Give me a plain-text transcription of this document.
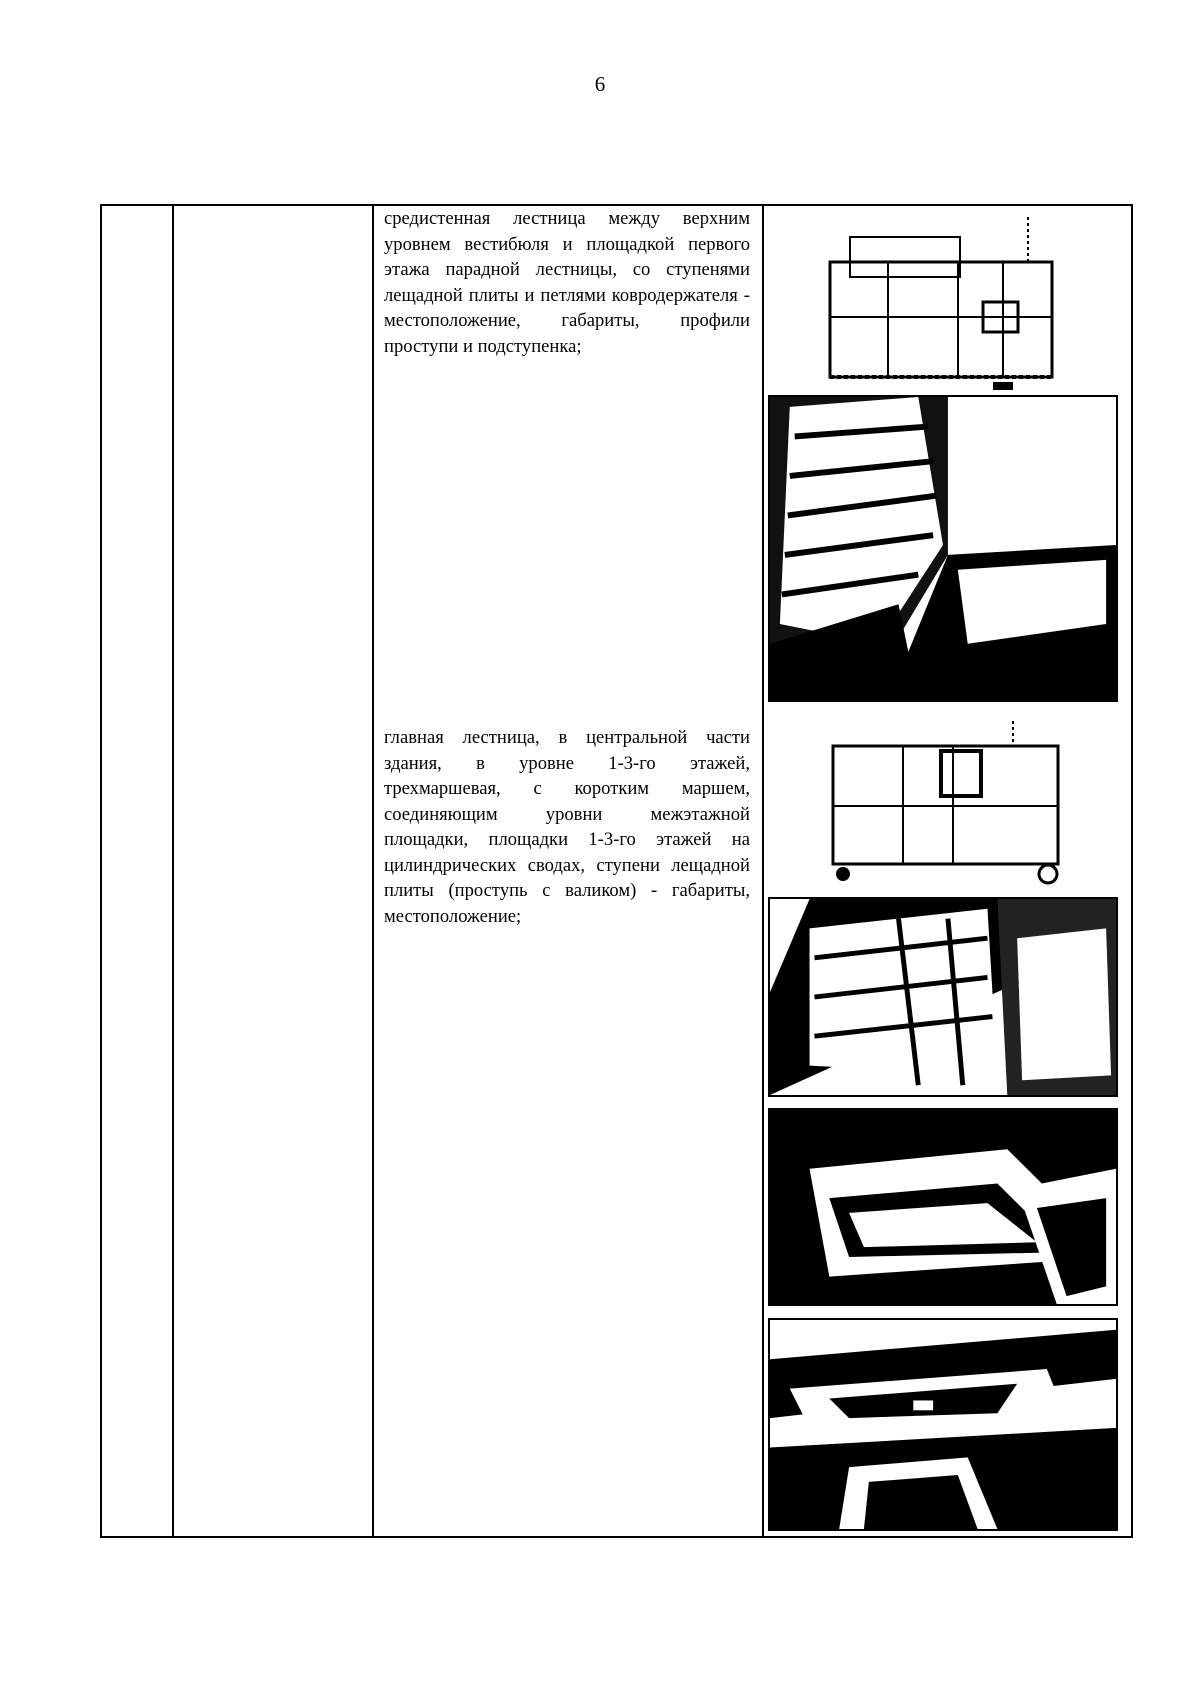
6

средистенная лестница между верхним уровнем вестибюля и площадкой первого этажа парадной лестницы, со ступенями лещадной плиты и петлями ковродержателя - местоположение, габариты, профили проступи и подступенка;

главная лестница, в центральной части здания, в уровне 1-3-го этажей, трехмаршевая, с коротким маршем, соединяющим уровни межэтажной площадки, площадки 1-3-го этажей на цилиндрических сводах, ступени лещадной плиты (проступь с валиком) - габариты, местоположение;
